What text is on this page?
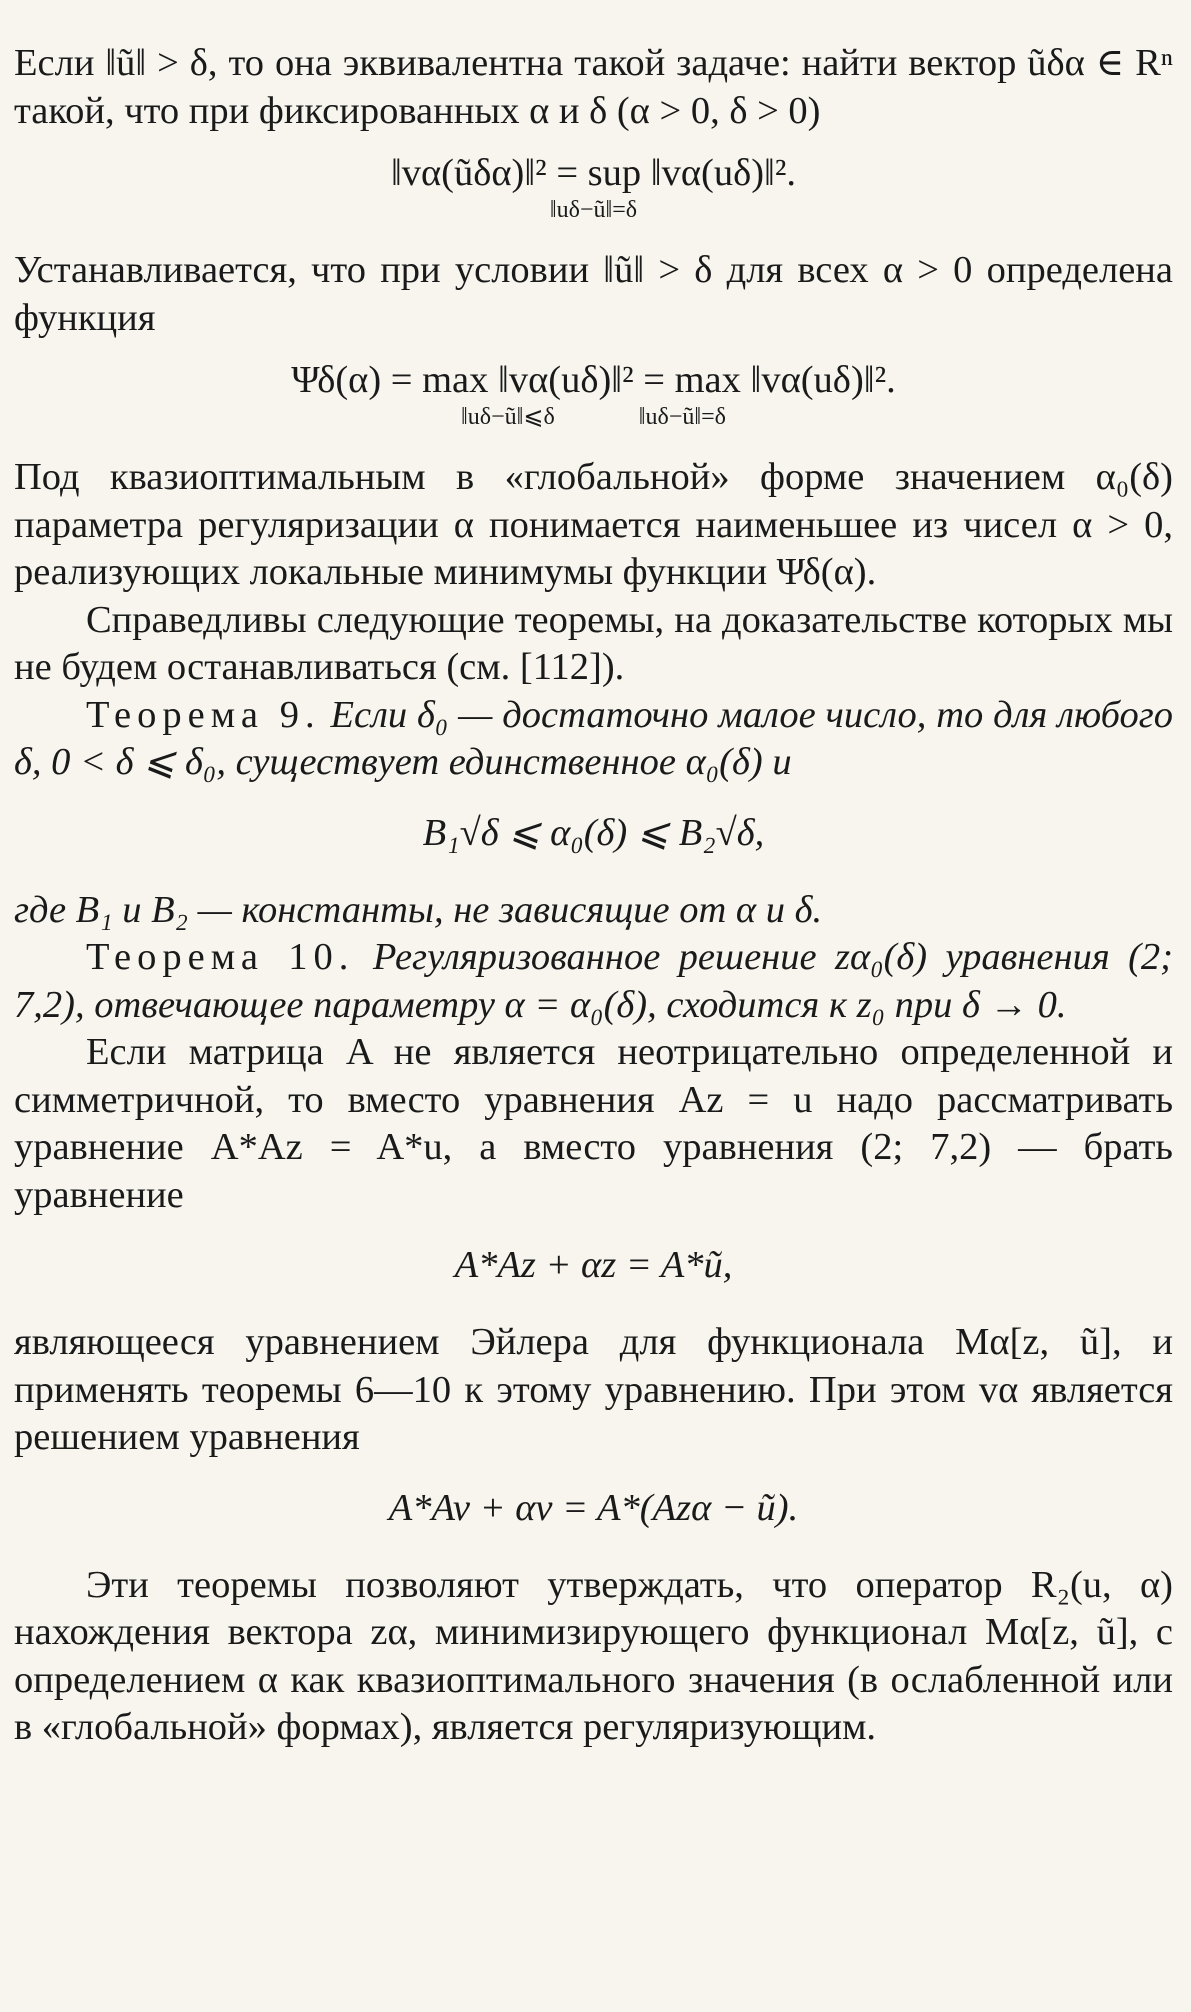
Если ‖ũ‖ > δ, то она эквивалентна такой задаче: найти вектор ũδα ∈ Rⁿ такой, что при фиксированных α и δ (α > 0, δ > 0)

‖vα(ũδα)‖² = sup ‖vα(uδ)‖².
‖uδ−ũ‖=δ

Устанавливается, что при условии ‖ũ‖ > δ для всех α > 0 определена функция

Ψδ(α) = max ‖vα(uδ)‖² = max ‖vα(uδ)‖².
‖uδ−ũ‖⩽δ	‖uδ−ũ‖=δ

Под квазиоптимальным в «глобальной» форме значением α₀(δ) параметра регуляризации α понимается наименьшее из чисел α > 0, реализующих локальные минимумы функции Ψδ(α).

Справедливы следующие теоремы, на доказательстве которых мы не будем останавливаться (см. [112]).

Теорема 9. Если δ₀ — достаточно малое число, то для любого δ, 0 < δ ⩽ δ₀, существует единственное α₀(δ) и

B₁√δ ⩽ α₀(δ) ⩽ B₂√δ,

где B₁ и B₂ — константы, не зависящие от α и δ.

Теорема 10. Регуляризованное решение zα₀(δ) уравнения (2; 7,2), отвечающее параметру α = α₀(δ), сходится к z₀ при δ → 0.

Если матрица A не является неотрицательно определенной и симметричной, то вместо уравнения Az = u надо рассматривать уравнение A*Az = A*u, а вместо уравнения (2; 7,2) — брать уравнение

A*Az + αz = A*ũ,

являющееся уравнением Эйлера для функционала Mα[z, ũ], и применять теоремы 6—10 к этому уравнению. При этом vα является решением уравнения

A*Av + αv = A*(Azα − ũ).

Эти теоремы позволяют утверждать, что оператор R₂(u, α) нахождения вектора zα, минимизирующего функционал Mα[z, ũ], с определением α как квазиоптимального значения (в ослабленной или в «глобальной» формах), является регуляризующим.
